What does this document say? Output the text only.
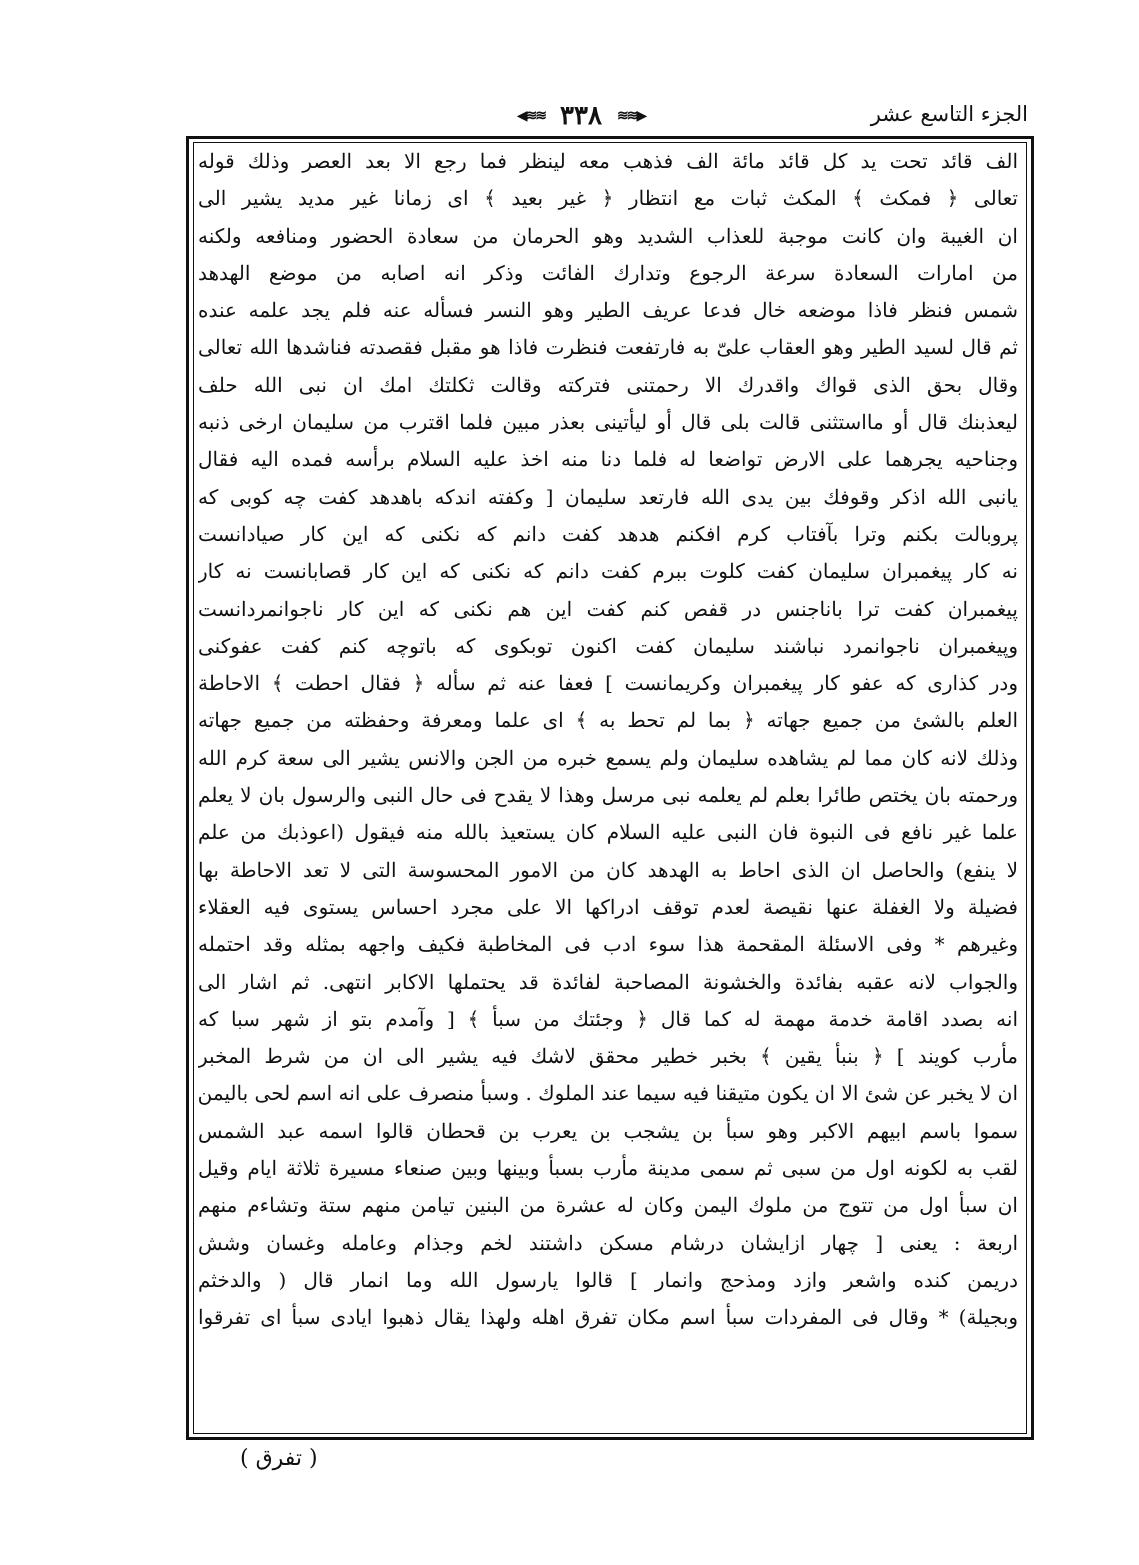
الجزء التاسع عشر
◀≋≋ ٣٣٨ ≋≋▶
الف قائد تحت يد كل قائد مائة الف فذهب معه لينظر فما رجع الا بعد العصر وذلك قوله
تعالى ﴿ فمكث ﴾ المكث ثبات مع انتظار ﴿ غير بعيد ﴾ اى زمانا غير مديد يشير الى
ان الغيبة وان كانت موجبة للعذاب الشديد وهو الحرمان من سعادة الحضور ومنافعه ولكنه
من امارات السعادة سرعة الرجوع وتدارك الفائت وذكر انه اصابه من موضع الهدهد
شمس فنظر فاذا موضعه خال فدعا عريف الطير وهو النسر فسأله عنه فلم يجد علمه عنده
ثم قال لسيد الطير وهو العقاب علىّ به فارتفعت فنظرت فاذا هو مقبل فقصدته فناشدها الله تعالى
وقال بحق الذى قواك واقدرك الا رحمتنى فتركته وقالت ثكلتك امك ان نبى الله حلف
ليعذبنك قال أو مااستثنى قالت بلى قال أو ليأتينى بعذر مبين فلما اقترب من سليمان ارخى ذنبه
وجناحيه يجرهما على الارض تواضعا له فلما دنا منه اخذ عليه السلام برأسه فمده اليه فقال
يانبى الله اذكر وقوفك بين يدى الله فارتعد سليمان [ وكفته اندكه باهدهد كفت چه كوبى كه
پروبالت بكنم وترا بآفتاب كرم افكنم هدهد كفت دانم كه نكنى كه اين كار صيادانست
نه كار پيغمبران سليمان كفت كلوت ببرم كفت دانم كه نكنى كه اين كار قصابانست نه كار
پيغمبران كفت ترا باناجنس در قفص كنم كفت اين هم نكنى كه اين كار ناجوانمردانست
وپيغمبران ناجوانمرد نباشند سليمان كفت اكنون توبكوى كه باتوچه كنم كفت عفوكنى
ودر كذارى كه عفو كار پيغمبران وكريمانست ] فعفا عنه ثم سأله ﴿ فقال احطت ﴾ الاحاطة
العلم بالشئ من جميع جهاته ﴿ بما لم تحط به ﴾ اى علما ومعرفة وحفظته من جميع جهاته
وذلك لانه كان مما لم يشاهده سليمان ولم يسمع خبره من الجن والانس يشير الى سعة كرم الله
ورحمته بان يختص طائرا بعلم لم يعلمه نبى مرسل وهذا لا يقدح فى حال النبى والرسول بان لا يعلم
علما غير نافع فى النبوة فان النبى عليه السلام كان يستعيذ بالله منه فيقول (اعوذبك من علم
لا ينفع) والحاصل ان الذى احاط به الهدهد كان من الامور المحسوسة التى لا تعد الاحاطة بها
فضيلة ولا الغفلة عنها نقيصة لعدم توقف ادراكها الا على مجرد احساس يستوى فيه العقلاء
وغيرهم * وفى الاسئلة المقحمة هذا سوء ادب فى المخاطبة فكيف واجهه بمثله وقد احتمله
والجواب لانه عقبه بفائدة والخشونة المصاحبة لفائدة قد يحتملها الاكابر انتهى. ثم اشار الى
انه بصدد اقامة خدمة مهمة له كما قال ﴿ وجئتك من سبأ ﴾ [ وآمدم بتو از شهر سبا كه
مأرب كويند ] ﴿ بنبأ يقين ﴾ بخبر خطير محقق لاشك فيه يشير الى ان من شرط المخبر
ان لا يخبر عن شئ الا ان يكون متيقنا فيه سيما عند الملوك . وسبأ منصرف على انه اسم لحى باليمن
سموا باسم ابيهم الاكبر وهو سبأ بن يشجب بن يعرب بن قحطان قالوا اسمه عبد الشمس
لقب به لكونه اول من سبى ثم سمى مدينة مأرب بسبأ وبينها وبين صنعاء مسيرة ثلاثة ايام وقيل
ان سبأ اول من تتوج من ملوك اليمن وكان له عشرة من البنين تيامن منهم ستة وتشاءم منهم
اربعة : يعنى [ چهار ازايشان درشام مسكن داشتند لخم وجذام وعامله وغسان وشش
دريمن كنده واشعر وازد ومذحج وانمار ] قالوا يارسول الله وما انمار قال ( والدخثم
وبجيلة) * وقال فى المفردات سبأ اسم مكان تفرق اهله ولهذا يقال ذهبوا ايادى سبأ اى تفرقوا
( تفرق )
